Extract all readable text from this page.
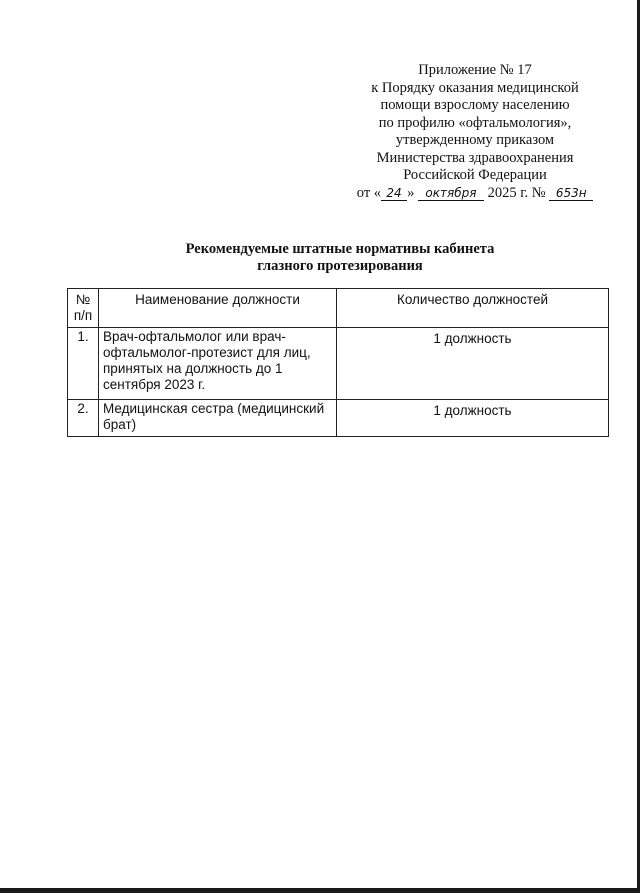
Приложение № 17
к Порядку оказания медицинской
помощи взрослому населению
по профилю «офтальмология»,
утвержденному приказом
Министерства здравоохранения
Российской Федерации
от « 24 » октября 2025 г. № 653н
Рекомендуемые штатные нормативы кабинета
глазного протезирования
№ п/п	Наименование должности	Количество должностей
1.	Врач-офтальмолог или врач-офтальмолог-протезист для лиц, принятых на должность до 1 сентября 2023 г.	1 должность
2.	Медицинская сестра (медицинский брат)	1 должность
